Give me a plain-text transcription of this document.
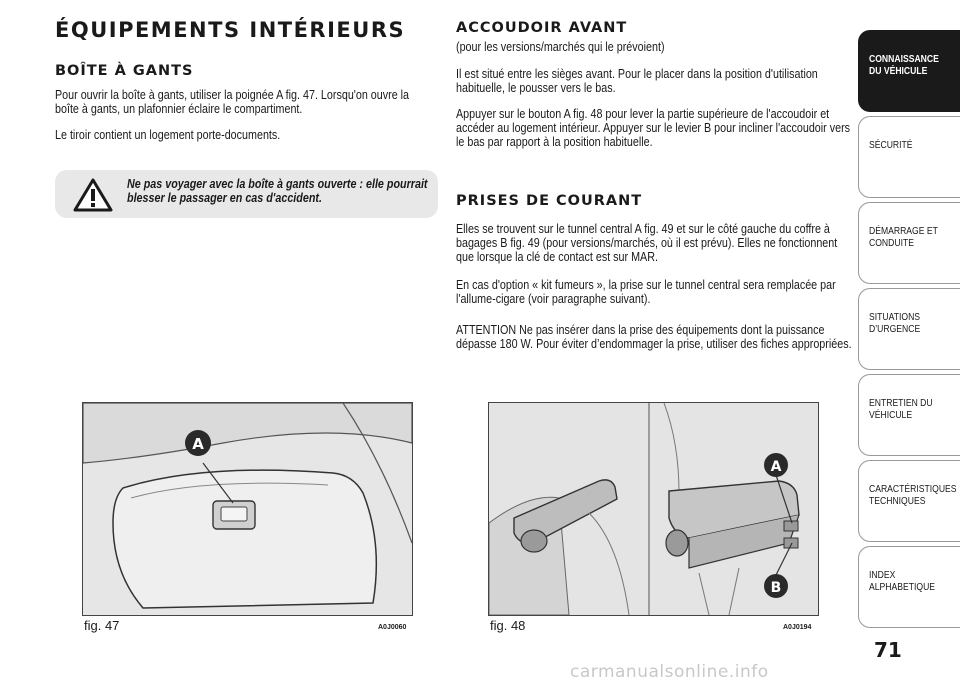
ÉQUIPEMENTS INTÉRIEURS
BOÎTE À GANTS

Pour ouvrir la boîte à gants, utiliser la poignée A fig. 47. Lorsqu'on ouvre la boîte à gants, un plafonnier éclaire le compartiment.

Le tiroir contient un logement porte-documents.

Ne pas voyager avec la boîte à gants ouverte : elle pourrait blesser le passager en cas d'accident.
ACCOUDOIR AVANT

(pour les versions/marchés qui le prévoient)

Il est situé entre les sièges avant. Pour le placer dans la position d'utilisation habituelle, le pousser vers le bas.

Appuyer sur le bouton A fig. 48 pour lever la partie supérieure de l'accoudoir et accéder au logement intérieur. Appuyer sur le levier B pour incliner l'accoudoir vers le bas par rapport à la position habituelle.

PRISES DE COURANT

Elles se trouvent sur le tunnel central A fig. 49 et sur le côté gauche du coffre à bagages B fig. 49 (pour versions/marchés, où il est prévu). Elles ne fonctionnent que lorsque la clé de contact est sur MAR.

En cas d'option « kit fumeurs », la prise sur le tunnel central sera remplacée par l'allume-cigare (voir paragraphe suivant).

ATTENTION Ne pas insérer dans la prise des équipements dont la puissance dépasse 180 W. Pour éviter d’endommager la prise, utiliser des fiches appropriées.

A
fig. 47	A0J0060
A
B
fig. 48	A0J0194
CONNAISSANCE
DU VÉHICULE
SÉCURITÉ
DÉMARRAGE ET
CONDUITE
SITUATIONS
D’URGENCE
ENTRETIEN DU
VÉHICULE
CARACTÉRISTIQUES
TECHNIQUES
INDEX
ALPHABETIQUE
71
carmanualsonline.info
